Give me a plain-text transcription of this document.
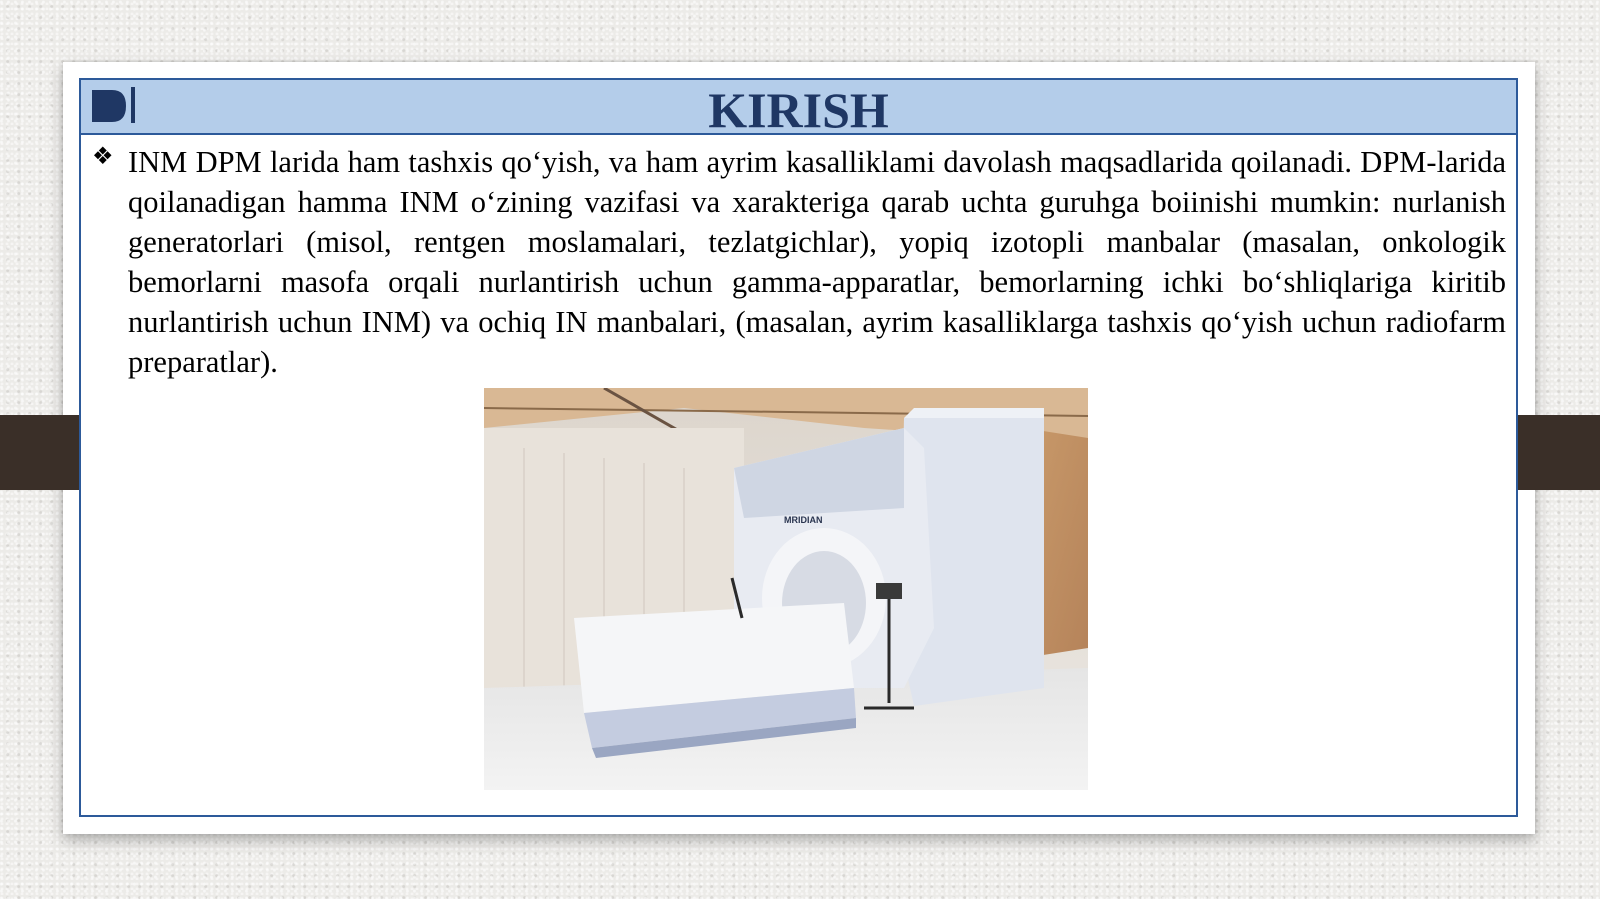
KIRISH
❖ INM DPM larida ham tashxis qo‘yish, va ham ayrim kasalliklami davolash maqsadlarida qoilanadi. DPM-larida qoilanadigan hamma INM o‘zining vazifasi va xarakteriga qarab uchta guruhga boiinishi mumkin: nurlanish generatorlari (misol, rentgen moslamalari, tezlatgichlar), yopiq izotopli manbalar (masalan, onkologik bemorlarni masofa orqali nurlantirish uchun gamma-apparatlar, bemorlarning ichki bo‘shliqlariga kiritib nurlantirish uchun INM) va ochiq IN manbalari, (masalan, ayrim kasalliklarga tashxis qo‘yish uchun radiofarm preparatlar).

MRIDIAN
